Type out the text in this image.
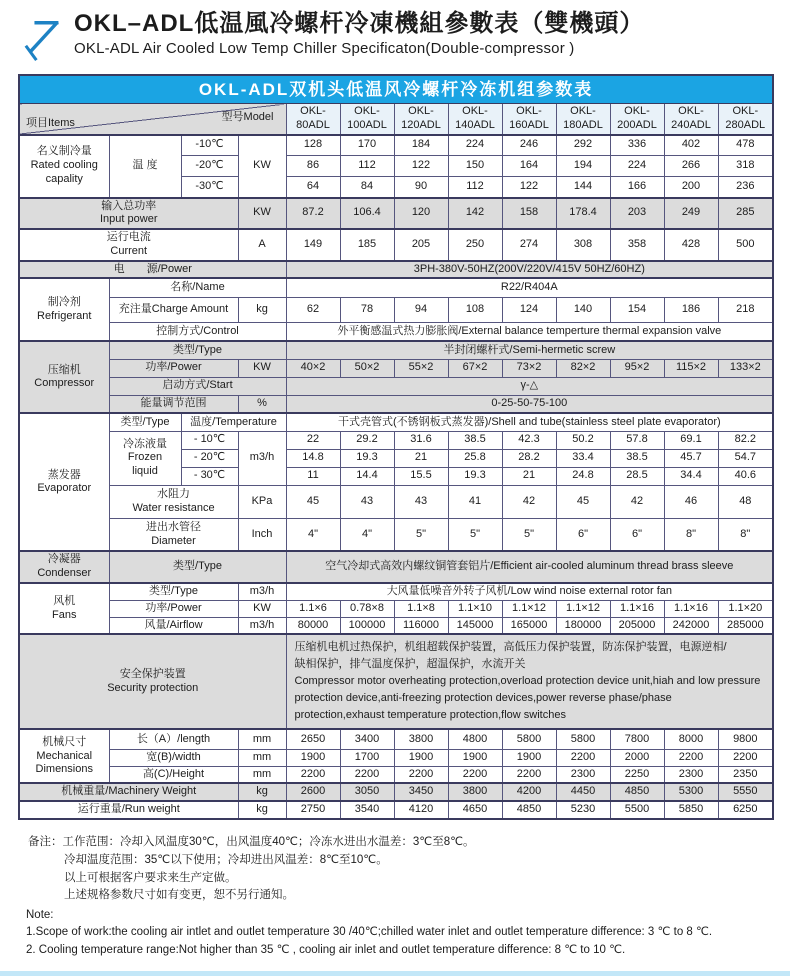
OKL–ADL低温風冷螺杆冷凍機組參數表（雙機頭）
OKL-ADL Air Cooled Low Temp Chiller Specificaton(Double-compressor )
OKL-ADL双机头低温风冷螺杆冷冻机组参数表												

项目Items 型号Model				OKL-
80ADL	OKL-
100ADL	OKL-
120ADL	OKL-
140ADL	OKL-
160ADL	OKL-
180ADL	OKL-
200ADL	OKL-
240ADL	OKL-
280ADL

名义制冷量
Rated cooling
capality	温 度	-10℃	KW	128	170	184	224	246	292	336	402	478
		-20℃		86	112	122	150	164	194	224	266	318
		-30℃		64	84	90	112	122	144	166	200	236

输入总功率
Input power			KW	87.2	106.4	120	142	158	178.4	203	249	285

运行电流
Current			A	149	185	205	250	274	308	358	428	500
电　　源/Power				3PH-380V-50HZ(200V/220V/415V 50HZ/60HZ)								

制冷剂
Refrigerant	名称/Name			R22/R404A								
	充注量Charge Amount		kg	62	78	94	108	124	140	154	186	218
	控制方式/Control			外平衡感温式热力膨胀阀/External balance temperture thermal expansion valve								

压缩机
Compressor	类型/Type			半封闭螺杆式/Semi-hermetic screw								
	功率/Power		KW	40×2	50×2	55×2	67×2	73×2	82×2	95×2	115×2	133×2
	启动方式/Start			γ-△								
	能量调节范围		%	0-25-50-75-100								

蒸发器
Evaporator	类型/Type	温度/Temperature		干式壳管式(不锈钢板式蒸发器)/Shell and tube(stainless steel plate evaporator)								

	冷冻液量
Frozen
liquid	- 10℃	m3/h	22	29.2	31.6	38.5	42.3	50.2	57.8	69.1	82.2
		- 20℃		14.8	19.3	21	25.8	28.2	33.4	38.5	45.7	54.7
		- 30℃		11	14.4	15.5	19.3	21	24.8	28.5	34.4	40.6

	水阻力
Water resistance		KPa	45	43	43	41	42	45	42	46	48

	进出水管径
Diameter		Inch	4"	4"	5"	5"	5"	6"	6"	8"	8"

冷凝器
Condenser	类型/Type			空气冷却式高效内螺纹铜管套铝片/Efficient air-cooled aluminum thread brass sleeve								

风机
Fans	类型/Type		m3/h	大风量低噪音外转子风机/Low wind noise external rotor fan								
	功率/Power		KW	1.1×6	0.78×8	1.1×8	1.1×10	1.1×12	1.1×12	1.1×16	1.1×16	1.1×20
	风量/Airflow		m3/h	80000	100000	116000	145000	165000	180000	205000	242000	285000

安全保护装置
Security protection				压缩机电机过热保护，机组超载保护装置，高低压力保护装置，防冻保护装置，电源逆相/
缺相保护，排气温度保护，超温保护，水流开关
Compressor motor overheating protection,overload protection device unit,hiah and low pressure protection device,anti-freezing protection devices,power reverse phase/phase protection,exhaust temperature protection,flow switches								

机械尺寸
Mechanical
Dimensions	长（A）/length		mm	2650	3400	3800	4800	5800	5800	7800	8000	9800
	宽(B)/width		mm	1900	1700	1900	1900	1900	2200	2000	2200	2200
	高(C)/Height		mm	2200	2200	2200	2200	2200	2300	2250	2300	2350
机械重量/Machinery Weight			kg	2600	3050	3450	3800	4200	4450	4850	5300	5550
运行重量/Run weight			kg	2750	3540	4120	4650	4850	5230	5500	5850	6250
备注：工作范围：冷却入风温度30℃，出风温度40℃；冷冻水进出水温差：3℃至8℃。
冷却温度范围：35℃以下使用；冷却进出风温差：8℃至10℃。
以上可根据客户要求来生产定做。
上述规格参数尺寸如有变更，恕不另行通知。
Note:
1.Scope of work:the cooling air intlet and outlet temperature 30 /40℃;chilled water inlet and outlet temperature difference: 3 ℃ to 8 ℃.
2. Cooling temperature range:Not higher than 35 ℃ , cooling air inlet and outlet temperature difference: 8 ℃ to 10 ℃.
